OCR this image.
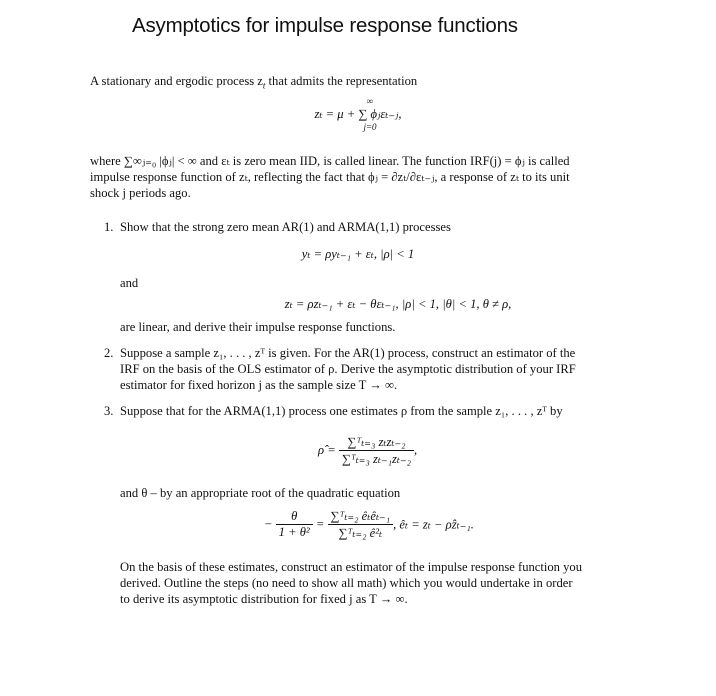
Asymptotics for impulse response functions
A stationary and ergodic process $z_t$ that admits the representation
∞
zₜ = μ + ∑ ϕⱼεₜ₋ⱼ,
j=0
where ∑∞ⱼ₌₀ |ϕⱼ| < ∞ and εₜ is zero mean IID, is called linear. The function IRF(j) = ϕⱼ is called
impulse response function of zₜ, reflecting the fact that ϕⱼ = ∂zₜ/∂εₜ₋ⱼ, a response of zₜ to its unit
shock j periods ago.
1. Show that the strong zero mean AR(1) and ARMA(1,1) processes
yₜ = ρyₜ₋₁ + εₜ, |ρ| < 1
and
zₜ = ρzₜ₋₁ + εₜ − θεₜ₋₁, |ρ| < 1, |θ| < 1, θ ≠ ρ,
are linear, and derive their impulse response functions.
2. Suppose a sample z₁, . . . , zᵀ is given. For the AR(1) process, construct an estimator of the
IRF on the basis of the OLS estimator of ρ. Derive the asymptotic distribution of your IRF
estimator for fixed horizon j as the sample size T → ∞.
3. Suppose that for the ARMA(1,1) process one estimates ρ from the sample z₁, . . . , zᵀ by
ρ̂ = $\frac{\text{∑ᵀₜ₌₃ zₜzₜ₋₂}}{\text{∑ᵀₜ₌₃ zₜ₋₁zₜ₋₂}}$ ,
and θ – by an appropriate root of the quadratic equation
− $\frac{\theta}{\text{1 + θ²}} = \frac{\text{∑ᵀₜ₌₂ êₜêₜ₋₁}}{\text{∑ᵀₜ₌₂ ê²ₜ}}$ , êₜ = zₜ − ρ̂zₜ₋₁.
On the basis of these estimates, construct an estimator of the impulse response function you
derived. Outline the steps (no need to show all math) which you would undertake in order
to derive its asymptotic distribution for fixed j as T → ∞.
